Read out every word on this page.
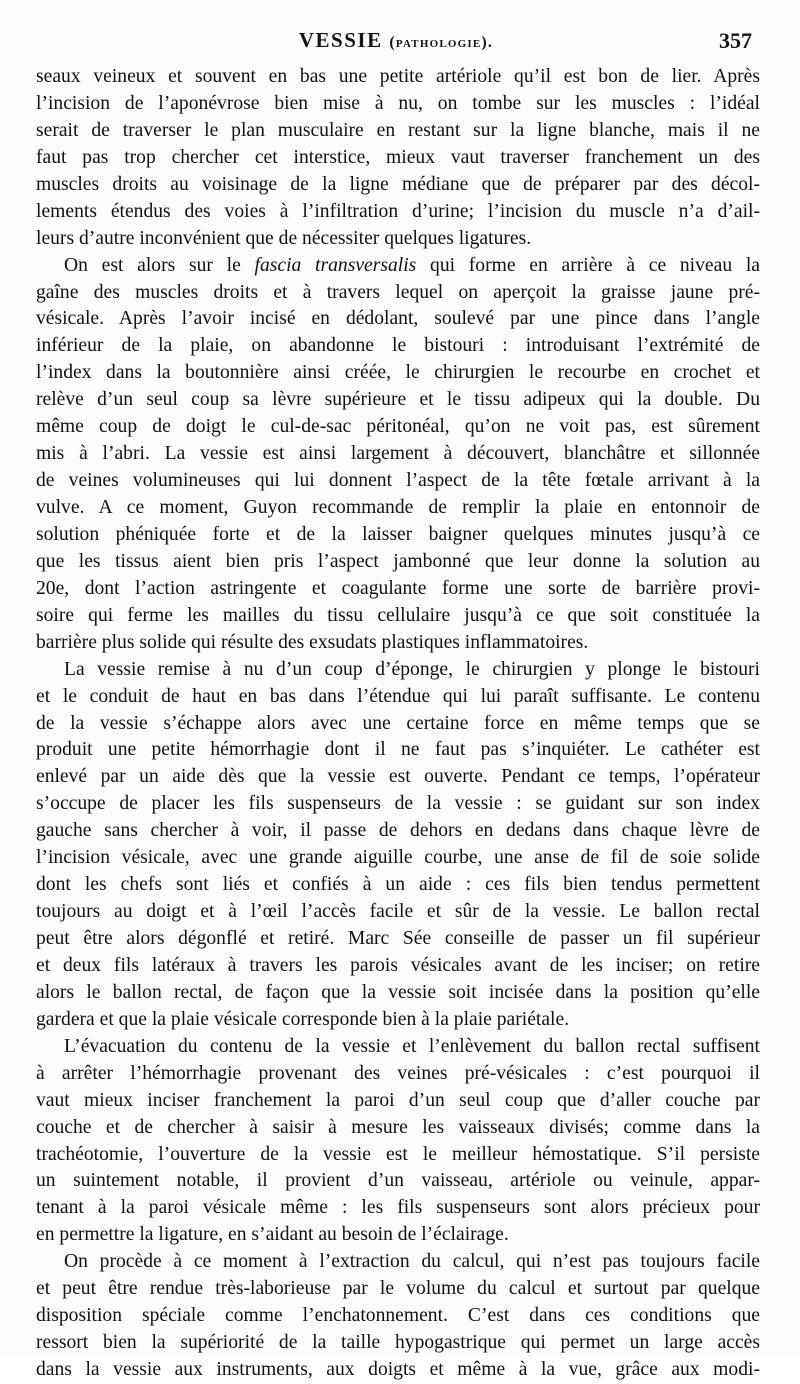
VESSIE (pathologie).	357
seaux veineux et souvent en bas une petite artériole qu’il est bon de lier. Après
l’incision de l’aponévrose bien mise à nu, on tombe sur les muscles : l’idéal
serait de traverser le plan musculaire en restant sur la ligne blanche, mais il ne
faut pas trop chercher cet interstice, mieux vaut traverser franchement un des
muscles droits au voisinage de la ligne médiane que de préparer par des décol-
lements étendus des voies à l’infiltration d’urine; l’incision du muscle n’a d’ail-
leurs d’autre inconvénient que de nécessiter quelques ligatures.
On est alors sur le fascia transversalis qui forme en arrière à ce niveau la
gaîne des muscles droits et à travers lequel on aperçoit la graisse jaune pré-
vésicale. Après l’avoir incisé en dédolant, soulevé par une pince dans l’angle
inférieur de la plaie, on abandonne le bistouri : introduisant l’extrémité de
l’index dans la boutonnière ainsi créée, le chirurgien le recourbe en crochet et
relève d’un seul coup sa lèvre supérieure et le tissu adipeux qui la double. Du
même coup de doigt le cul-de-sac péritonéal, qu’on ne voit pas, est sûrement
mis à l’abri. La vessie est ainsi largement à découvert, blanchâtre et sillonnée
de veines volumineuses qui lui donnent l’aspect de la tête fœtale arrivant à la
vulve. A ce moment, Guyon recommande de remplir la plaie en entonnoir de
solution phéniquée forte et de la laisser baigner quelques minutes jusqu’à ce
que les tissus aient bien pris l’aspect jambonné que leur donne la solution au
20e, dont l’action astringente et coagulante forme une sorte de barrière provi-
soire qui ferme les mailles du tissu cellulaire jusqu’à ce que soit constituée la
barrière plus solide qui résulte des exsudats plastiques inflammatoires.
La vessie remise à nu d’un coup d’éponge, le chirurgien y plonge le bistouri
et le conduit de haut en bas dans l’étendue qui lui paraît suffisante. Le contenu
de la vessie s’échappe alors avec une certaine force en même temps que se
produit une petite hémorrhagie dont il ne faut pas s’inquiéter. Le cathéter est
enlevé par un aide dès que la vessie est ouverte. Pendant ce temps, l’opérateur
s’occupe de placer les fils suspenseurs de la vessie : se guidant sur son index
gauche sans chercher à voir, il passe de dehors en dedans dans chaque lèvre de
l’incision vésicale, avec une grande aiguille courbe, une anse de fil de soie solide
dont les chefs sont liés et confiés à un aide : ces fils bien tendus permettent
toujours au doigt et à l’œil l’accès facile et sûr de la vessie. Le ballon rectal
peut être alors dégonflé et retiré. Marc Sée conseille de passer un fil supérieur
et deux fils latéraux à travers les parois vésicales avant de les inciser; on retire
alors le ballon rectal, de façon que la vessie soit incisée dans la position qu’elle
gardera et que la plaie vésicale corresponde bien à la plaie pariétale.
L’évacuation du contenu de la vessie et l’enlèvement du ballon rectal suffisent
à arrêter l’hémorrhagie provenant des veines pré-vésicales : c’est pourquoi il
vaut mieux inciser franchement la paroi d’un seul coup que d’aller couche par
couche et de chercher à saisir à mesure les vaisseaux divisés; comme dans la
trachéotomie, l’ouverture de la vessie est le meilleur hémostatique. S’il persiste
un suintement notable, il provient d’un vaisseau, artériole ou veinule, appar-
tenant à la paroi vésicale même : les fils suspenseurs sont alors précieux pour
en permettre la ligature, en s’aidant au besoin de l’éclairage.
On procède à ce moment à l’extraction du calcul, qui n’est pas toujours facile
et peut être rendue très-laborieuse par le volume du calcul et surtout par quelque
disposition spéciale comme l’enchatonnement. C’est dans ces conditions que
ressort bien la supériorité de la taille hypogastrique qui permet un large accès
dans la vessie aux instruments, aux doigts et même à la vue, grâce aux modi-
